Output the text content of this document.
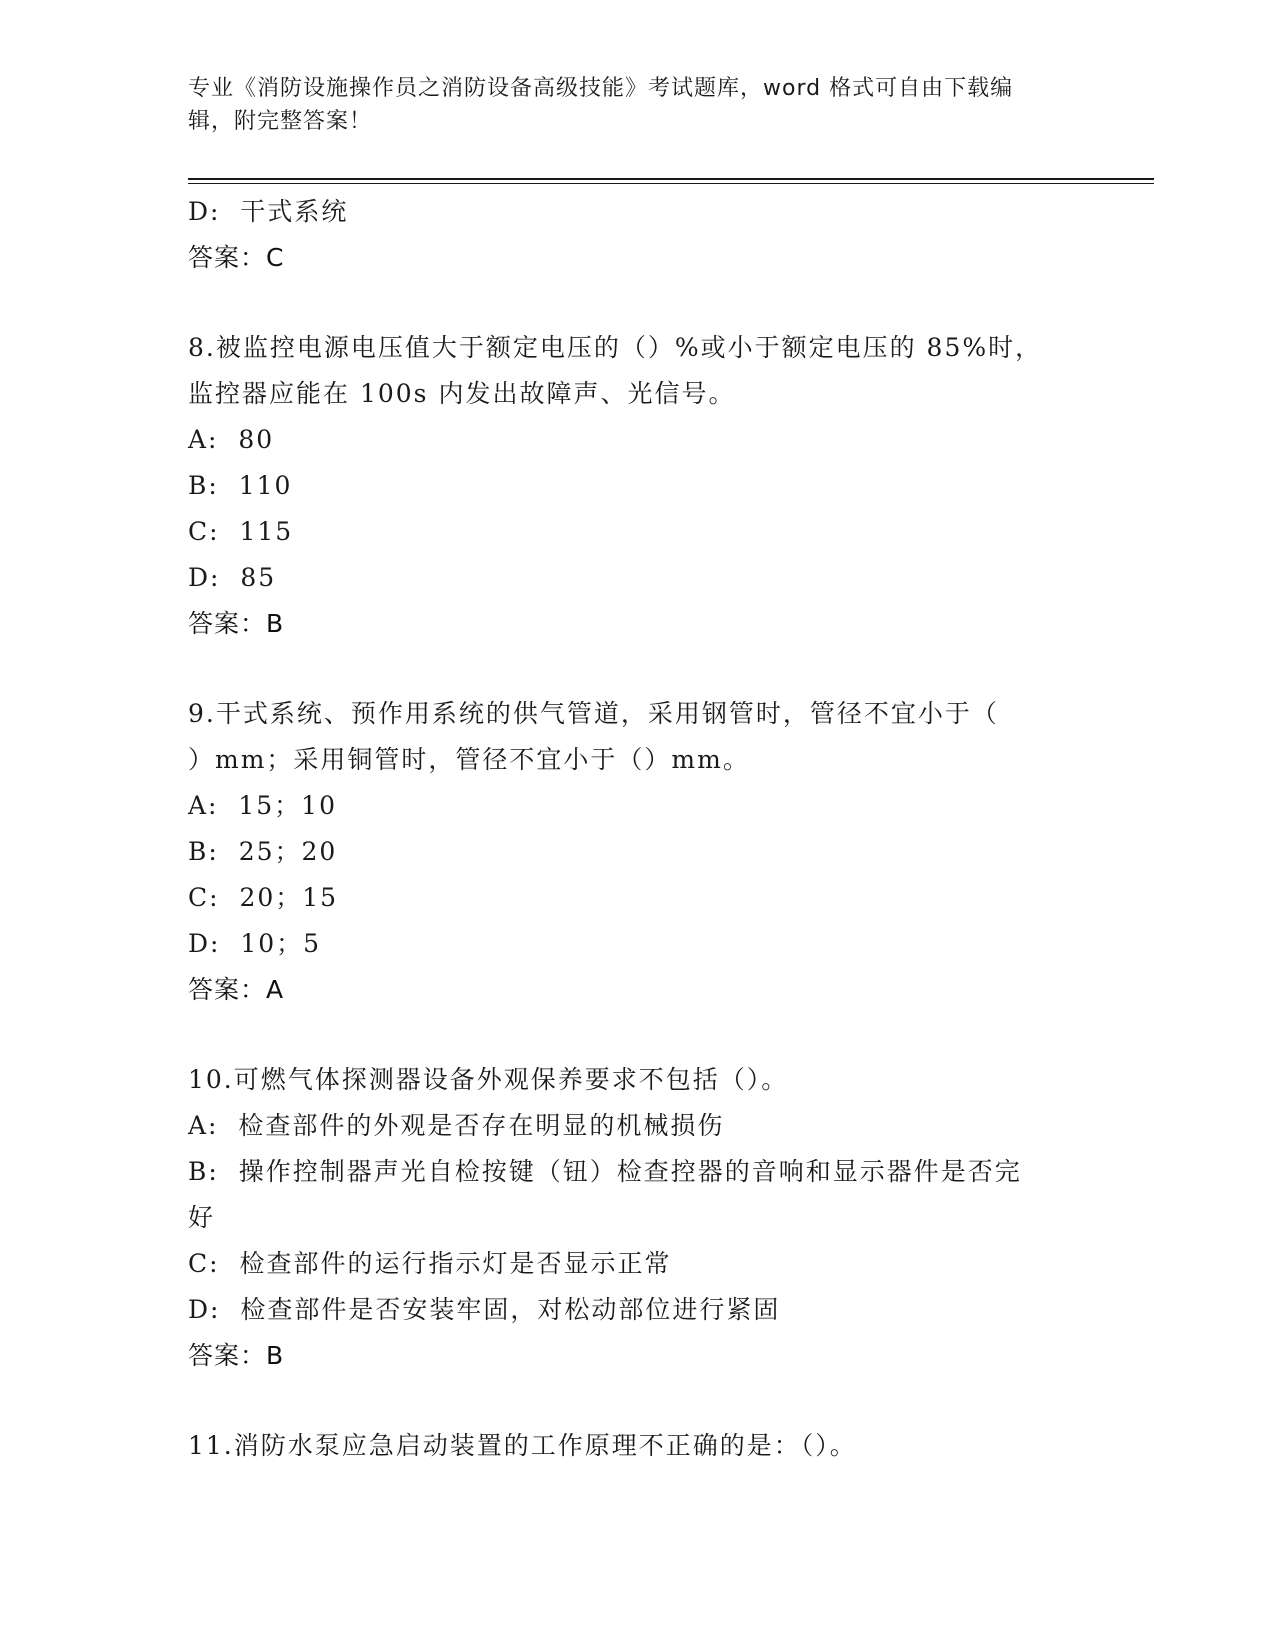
专业《消防设施操作员之消防设备高级技能》考试题库，word 格式可自由下载编
辑，附完整答案！
D:  干式系统
答案：C
8.被监控电源电压值大于额定电压的（）%或小于额定电压的 85%时，
监控器应能在 100s 内发出故障声、光信号。
A:  80
B:  110
C:  115
D:  85
答案：B
9.干式系统、预作用系统的供气管道，采用钢管时，管径不宜小于（
）mm；采用铜管时，管径不宜小于（）mm。
A:  15；10
B:  25；20
C:  20；15
D:  10；5
答案：A
10.可燃气体探测器设备外观保养要求不包括（）。
A:  检查部件的外观是否存在明显的机械损伤
B:  操作控制器声光自检按键（钮）检查控器的音响和显示器件是否完
好
C:  检查部件的运行指示灯是否显示正常
D:  检查部件是否安装牢固，对松动部位进行紧固
答案：B
11.消防水泵应急启动装置的工作原理不正确的是：（）。
